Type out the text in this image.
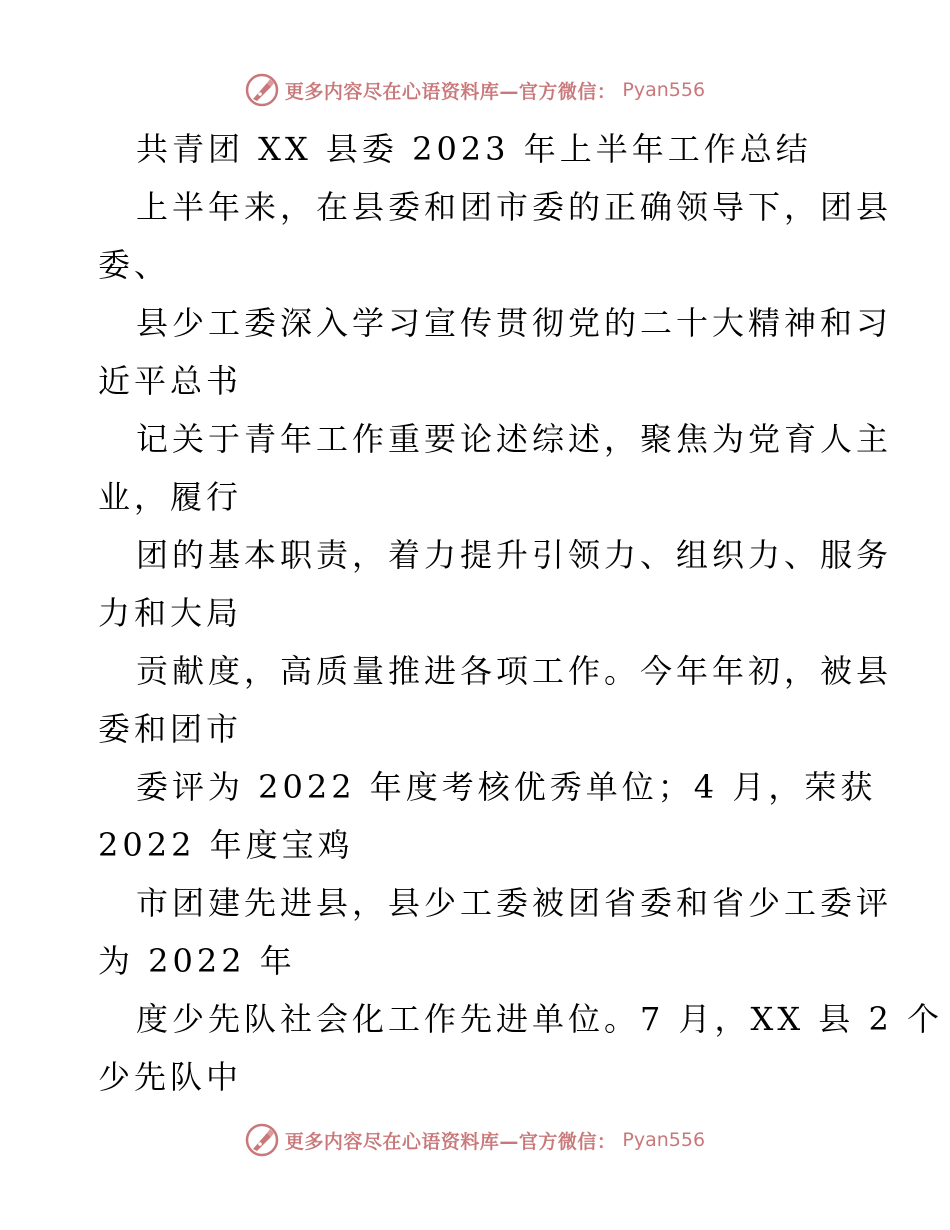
更多内容尽在心语资料库—官方微信： Pyan556
共青团 XX 县委 2023 年上半年工作总结
上半年来，在县委和团市委的正确领导下，团县
委、
县少工委深入学习宣传贯彻党的二十大精神和习
近平总书
记关于青年工作重要论述综述，聚焦为党育人主
业，履行
团的基本职责，着力提升引领力、组织力、服务
力和大局
贡献度，高质量推进各项工作。今年年初，被县
委和团市
委评为 2022 年度考核优秀单位；4 月，荣获
2022 年度宝鸡
市团建先进县，县少工委被团省委和省少工委评
为 2022 年
度少先队社会化工作先进单位。7 月，XX 县 2 个
少先队中
更多内容尽在心语资料库—官方微信： Pyan556
